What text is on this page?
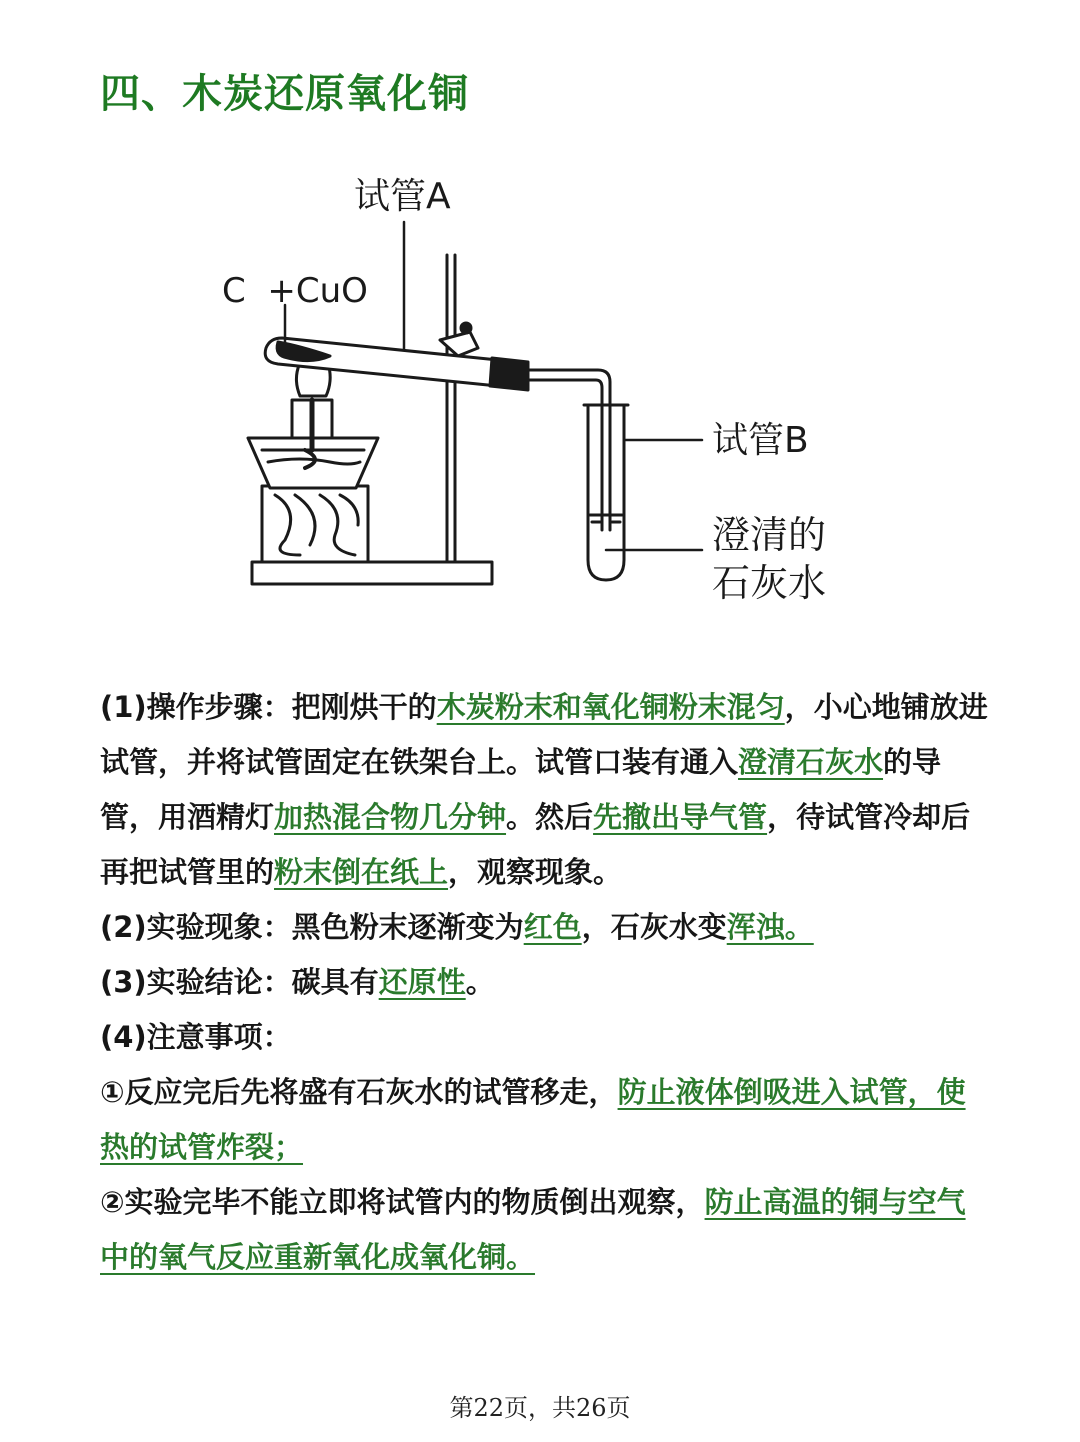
四、木炭还原氧化铜
试管A
C  +CuO
试管B
澄清的
石灰水

(1)操作步骤：把刚烘干的木炭粉末和氧化铜粉末混匀，小心地铺放进试管，并将试管固定在铁架台上。试管口装有通入澄清石灰水的导管，用酒精灯加热混合物几分钟。然后先撤出导气管，待试管冷却后再把试管里的粉末倒在纸上，观察现象。

(2)实验现象：黑色粉末逐渐变为红色，石灰水变浑浊。

(3)实验结论：碳具有还原性。

(4)注意事项：

①反应完后先将盛有石灰水的试管移走，防止液体倒吸进入试管，使热的试管炸裂；

②实验完毕不能立即将试管内的物质倒出观察，防止高温的铜与空气中的氧气反应重新氧化成氧化铜。

第22页，共26页
